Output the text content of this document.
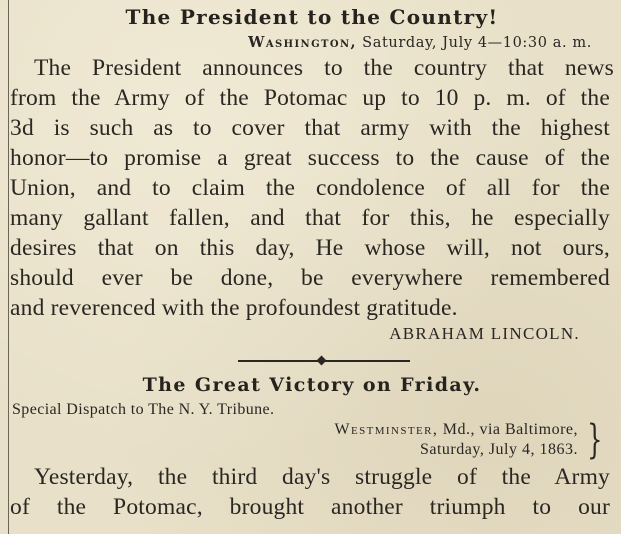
The President to the Country!
Washington, Saturday, July 4—10:30 a. m.
The President announces to the country that news
from the Army of the Potomac up to 10 p. m. of the
3d is such as to cover that army with the highest
honor—to promise a great success to the cause of the
Union, and to claim the condolence of all for the
many gallant fallen, and that for this, he especially
desires that on this day, He whose will, not ours,
should ever be done, be everywhere remembered
and reverenced with the profoundest gratitude.
ABRAHAM LINCOLN.
The Great Victory on Friday.
Special Dispatch to The N. Y. Tribune.
Westminster, Md., via Baltimore,
Saturday, July 4, 1863. }
Yesterday, the third day's struggle of the Army
of the Potomac, brought another triumph to our
